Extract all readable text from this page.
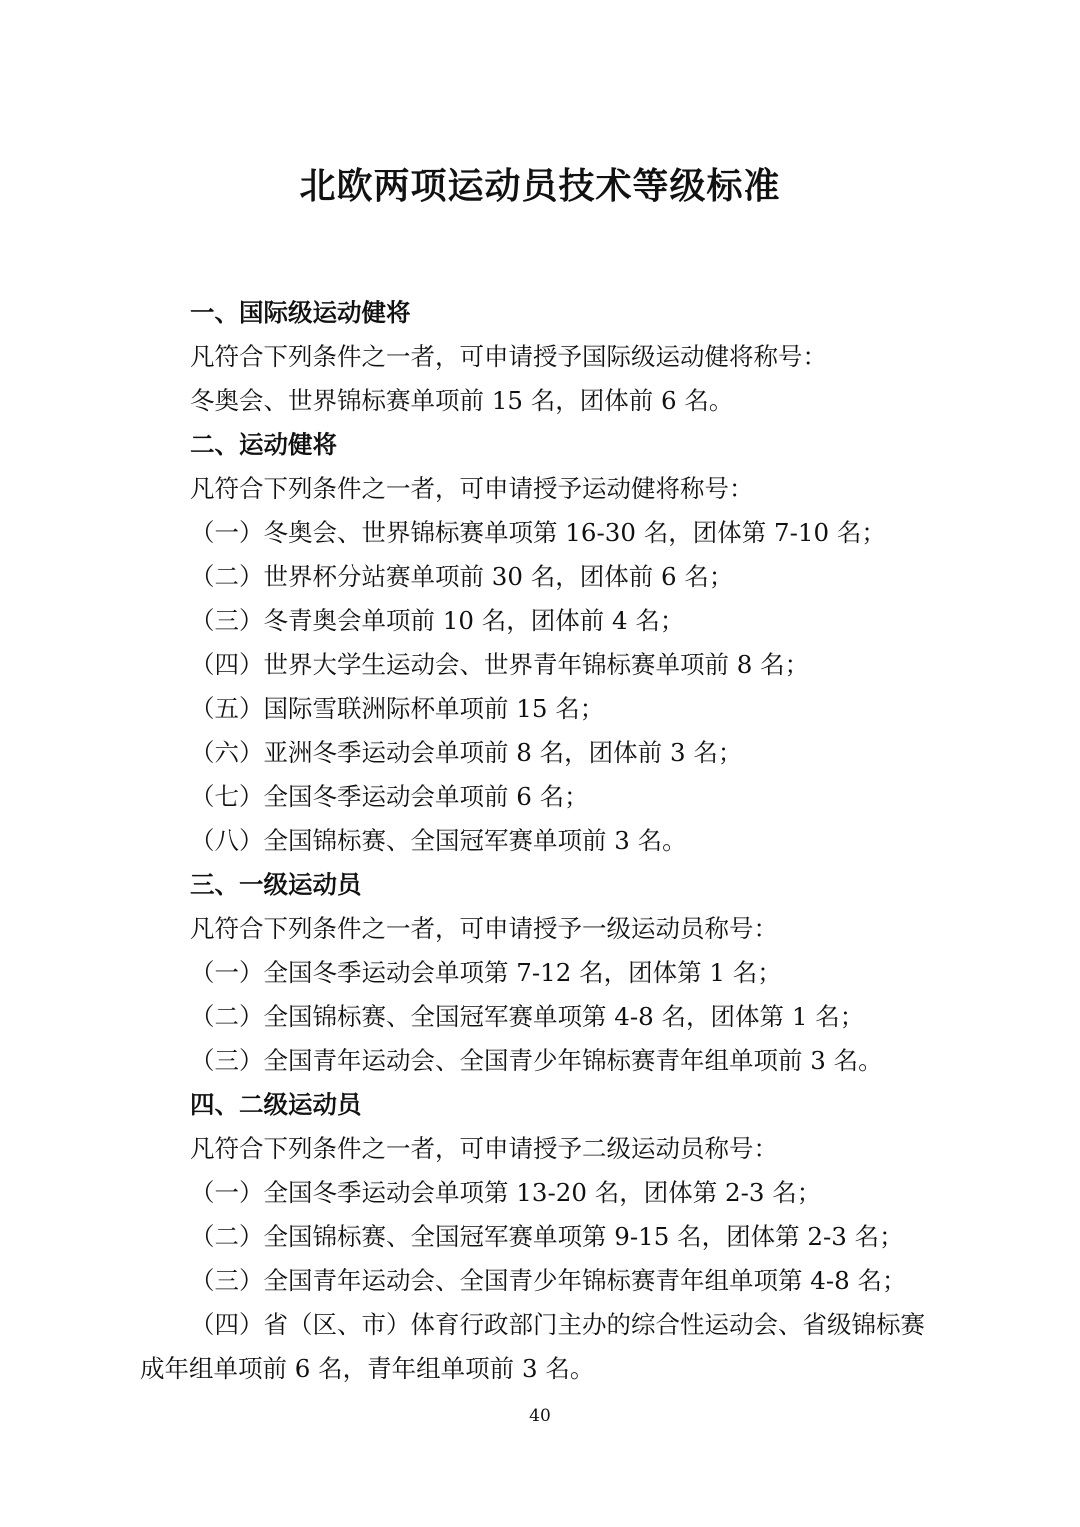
北欧两项运动员技术等级标准
一、国际级运动健将
凡符合下列条件之一者，可申请授予国际级运动健将称号：
冬奥会、世界锦标赛单项前 15 名，团体前 6 名。
二、运动健将
凡符合下列条件之一者，可申请授予运动健将称号：
（一）冬奥会、世界锦标赛单项第 16-30 名，团体第 7-10 名；
（二）世界杯分站赛单项前 30 名，团体前 6 名；
（三）冬青奥会单项前 10 名，团体前 4 名；
（四）世界大学生运动会、世界青年锦标赛单项前 8 名；
（五）国际雪联洲际杯单项前 15 名；
（六）亚洲冬季运动会单项前 8 名，团体前 3 名；
（七）全国冬季运动会单项前 6 名；
（八）全国锦标赛、全国冠军赛单项前 3 名。
三、一级运动员
凡符合下列条件之一者，可申请授予一级运动员称号：
（一）全国冬季运动会单项第 7-12 名，团体第 1 名；
（二）全国锦标赛、全国冠军赛单项第 4-8 名，团体第 1 名；
（三）全国青年运动会、全国青少年锦标赛青年组单项前 3 名。
四、二级运动员
凡符合下列条件之一者，可申请授予二级运动员称号：
（一）全国冬季运动会单项第 13-20 名，团体第 2-3 名；
（二）全国锦标赛、全国冠军赛单项第 9-15 名，团体第 2-3 名；
（三）全国青年运动会、全国青少年锦标赛青年组单项第 4-8 名；
（四）省（区、市）体育行政部门主办的综合性运动会、省级锦标赛
成年组单项前 6 名，青年组单项前 3 名。
40
